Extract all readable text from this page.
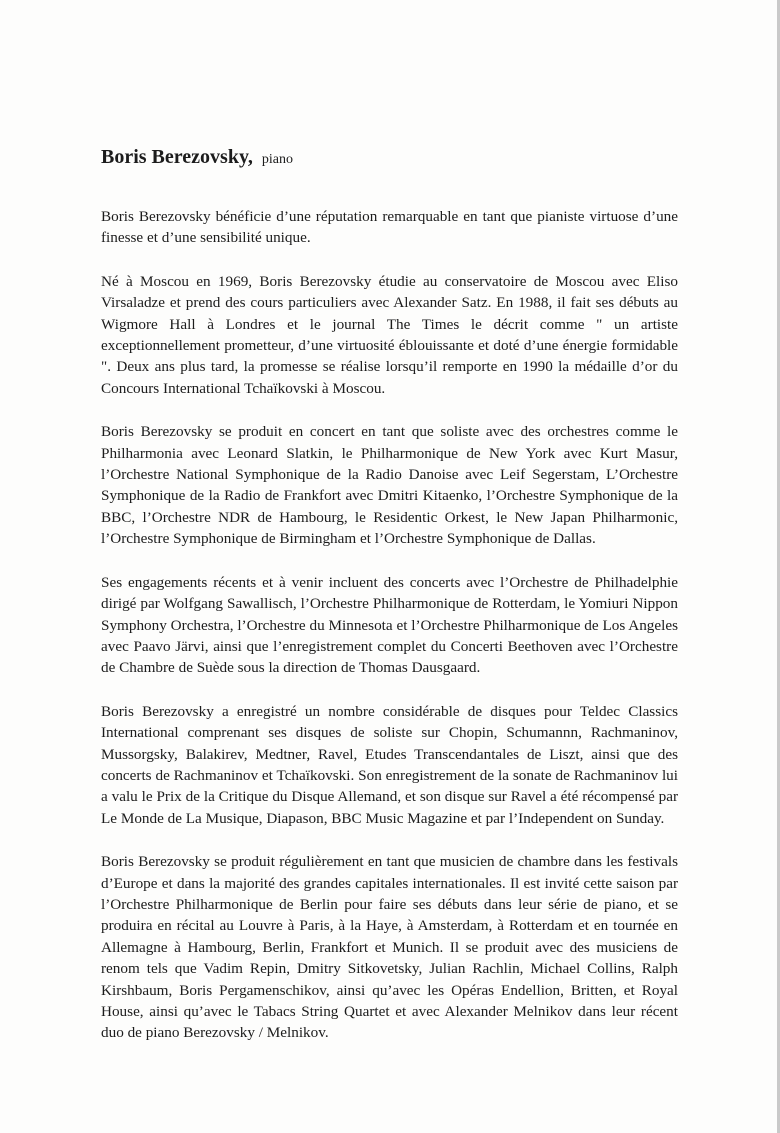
Boris Berezovsky, piano

Boris Berezovsky bénéficie d’une réputation remarquable en tant que pianiste virtuose d’une finesse et d’une sensibilité unique.

Né à Moscou en 1969, Boris Berezovsky étudie au conservatoire de Moscou avec Eliso Virsaladze et prend des cours particuliers avec Alexander Satz. En 1988, il fait ses débuts au Wigmore Hall à Londres et le journal The Times le décrit comme " un artiste exceptionnellement prometteur, d’une virtuosité éblouissante et doté d’une énergie formidable ". Deux ans plus tard, la promesse se réalise lorsqu’il remporte en 1990 la médaille d’or du Concours International Tchaïkovski à Moscou.

Boris Berezovsky se produit en concert en tant que soliste avec des orchestres comme le Philharmonia avec Leonard Slatkin, le Philharmonique de New York avec Kurt Masur, l’Orchestre National Symphonique de la Radio Danoise avec Leif Segerstam, L’Orchestre Symphonique de la Radio de Frankfort avec Dmitri Kitaenko, l’Orchestre Symphonique de la BBC, l’Orchestre NDR de Hambourg, le Residentic Orkest, le New Japan Philharmonic, l’Orchestre Symphonique de Birmingham et l’Orchestre Symphonique de Dallas.

Ses engagements récents et à venir incluent des concerts avec l’Orchestre de Philhadelphie dirigé par Wolfgang Sawallisch, l’Orchestre Philharmonique de Rotterdam, le Yomiuri Nippon Symphony Orchestra, l’Orchestre du Minnesota et l’Orchestre Philharmonique de Los Angeles avec Paavo Järvi, ainsi que l’enregistrement complet du Concerti Beethoven avec l’Orchestre de Chambre de Suède sous la direction de Thomas Dausgaard.

Boris Berezovsky a enregistré un nombre considérable de disques pour Teldec Classics International comprenant ses disques de soliste sur Chopin, Schumannn, Rachmaninov, Mussorgsky, Balakirev, Medtner, Ravel, Etudes Transcendantales de Liszt, ainsi que des concerts de Rachmaninov et Tchaïkovski. Son enregistrement de la sonate de Rachmaninov lui a valu le Prix de la Critique du Disque Allemand, et son disque sur Ravel a été récompensé par Le Monde de La Musique, Diapason, BBC Music Magazine et par l’Independent on Sunday.

Boris Berezovsky se produit régulièrement en tant que musicien de chambre dans les festivals d’Europe et dans la majorité des grandes capitales internationales. Il est invité cette saison par l’Orchestre Philharmonique de Berlin pour faire ses débuts dans leur série de piano, et se produira en récital au Louvre à Paris, à la Haye, à Amsterdam, à Rotterdam et en tournée en Allemagne à Hambourg, Berlin, Frankfort et Munich. Il se produit avec des musiciens de renom tels que Vadim Repin, Dmitry Sitkovetsky, Julian Rachlin, Michael Collins, Ralph Kirshbaum, Boris Pergamenschikov, ainsi qu’avec les Opéras Endellion, Britten, et Royal House, ainsi qu’avec le Tabacs String Quartet et avec Alexander Melnikov dans leur récent duo de piano Berezovsky / Melnikov.
